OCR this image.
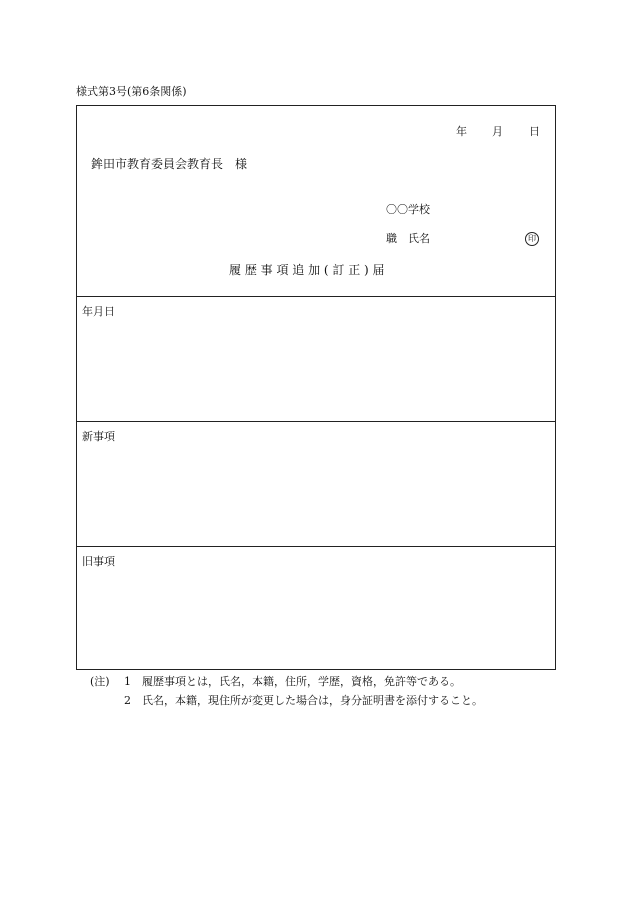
様式第3号(第6条関係)
年 月 日
鉾田市教育委員会教育長　様
〇〇学校
職　氏名	印
履 歴 事 項 追 加 ( 訂 正 ) 届
年月日
新事項
旧事項
(注) 1 履歴事項とは，氏名，本籍，住所，学歴，資格，免許等である。
2 氏名，本籍，現住所が変更した場合は，身分証明書を添付すること。
